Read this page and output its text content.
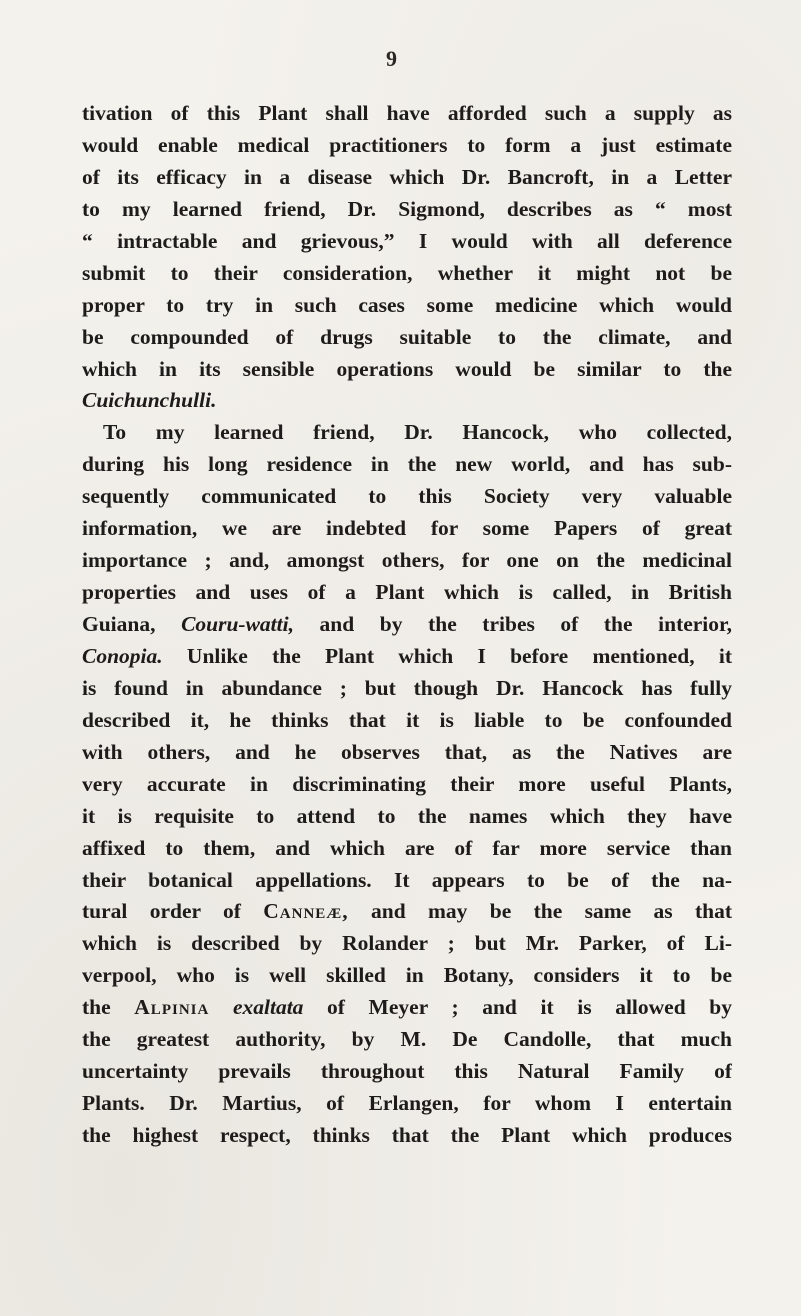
9
tivation of this Plant shall have afforded such a supply as
would enable medical practitioners to form a just estimate
of its efficacy in a disease which Dr. Bancroft, in a Letter
to my learned friend, Dr. Sigmond, describes as “ most
“ intractable and grievous,” I would with all deference
submit to their consideration, whether it might not be
proper to try in such cases some medicine which would
be compounded of drugs suitable to the climate, and
which in its sensible operations would be similar to the
Cuichunchulli.
To my learned friend, Dr. Hancock, who collected,
during his long residence in the new world, and has sub-
sequently communicated to this Society very valuable
information, we are indebted for some Papers of great
importance ; and, amongst others, for one on the medicinal
properties and uses of a Plant which is called, in British
Guiana, Couru-watti, and by the tribes of the interior,
Conopia. Unlike the Plant which I before mentioned, it
is found in abundance ; but though Dr. Hancock has fully
described it, he thinks that it is liable to be confounded
with others, and he observes that, as the Natives are
very accurate in discriminating their more useful Plants,
it is requisite to attend to the names which they have
affixed to them, and which are of far more service than
their botanical appellations. It appears to be of the na-
tural order of Canneæ, and may be the same as that
which is described by Rolander ; but Mr. Parker, of Li-
verpool, who is well skilled in Botany, considers it to be
the Alpinia exaltata of Meyer ; and it is allowed by
the greatest authority, by M. De Candolle, that much
uncertainty prevails throughout this Natural Family of
Plants. Dr. Martius, of Erlangen, for whom I entertain
the highest respect, thinks that the Plant which produces
